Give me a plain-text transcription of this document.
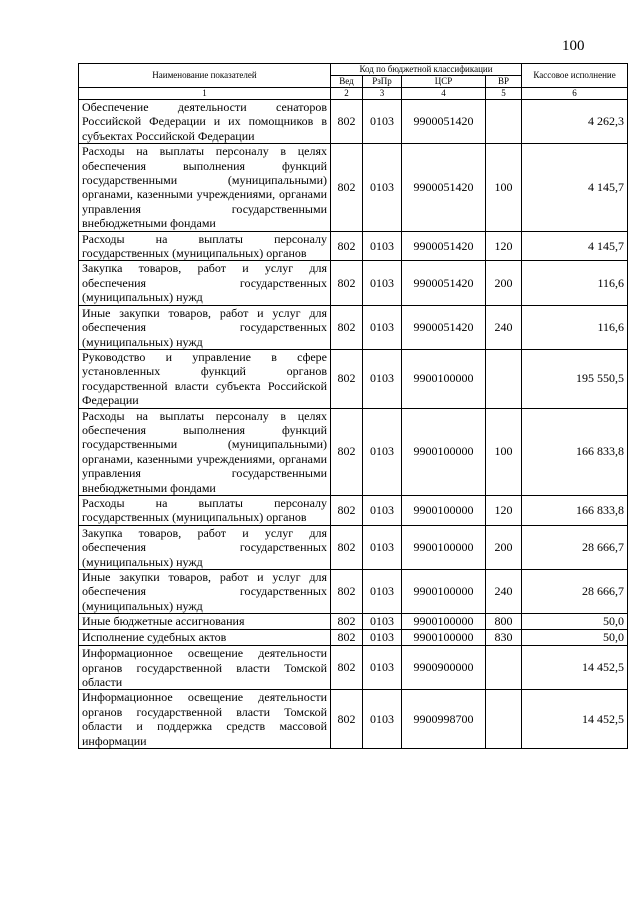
100
Наименование показателей	Код по бюджетной классификации				Кассовое исполнение
	Вед	РзПр	ЦСР	ВР	
1	2	3	4	5	6
Обеспечение деятельности сенаторов Российской Федерации и их помощников в субъектах Российской Федерации	802	0103	9900051420		4 262,3
Расходы на выплаты персоналу в целях обеспечения выполнения функций государственными (муниципальными) органами, казенными учреждениями, органами управления государственными внебюджетными фондами	802	0103	9900051420	100	4 145,7
Расходы на выплаты персоналу государственных (муниципальных) органов	802	0103	9900051420	120	4 145,7
Закупка товаров, работ и услуг для обеспечения государственных (муниципальных) нужд	802	0103	9900051420	200	116,6
Иные закупки товаров, работ и услуг для обеспечения государственных (муниципальных) нужд	802	0103	9900051420	240	116,6
Руководство и управление в сфере установленных функций органов государственной власти субъекта Российской Федерации	802	0103	9900100000		195 550,5
Расходы на выплаты персоналу в целях обеспечения выполнения функций государственными (муниципальными) органами, казенными учреждениями, органами управления государственными внебюджетными фондами	802	0103	9900100000	100	166 833,8
Расходы на выплаты персоналу государственных (муниципальных) органов	802	0103	9900100000	120	166 833,8
Закупка товаров, работ и услуг для обеспечения государственных (муниципальных) нужд	802	0103	9900100000	200	28 666,7
Иные закупки товаров, работ и услуг для обеспечения государственных (муниципальных) нужд	802	0103	9900100000	240	28 666,7
Иные бюджетные ассигнования	802	0103	9900100000	800	50,0
Исполнение судебных актов	802	0103	9900100000	830	50,0
Информационное освещение деятельности органов государственной власти Томской области	802	0103	9900900000		14 452,5
Информационное освещение деятельности органов государственной власти Томской области и поддержка средств массовой информации	802	0103	9900998700		14 452,5
